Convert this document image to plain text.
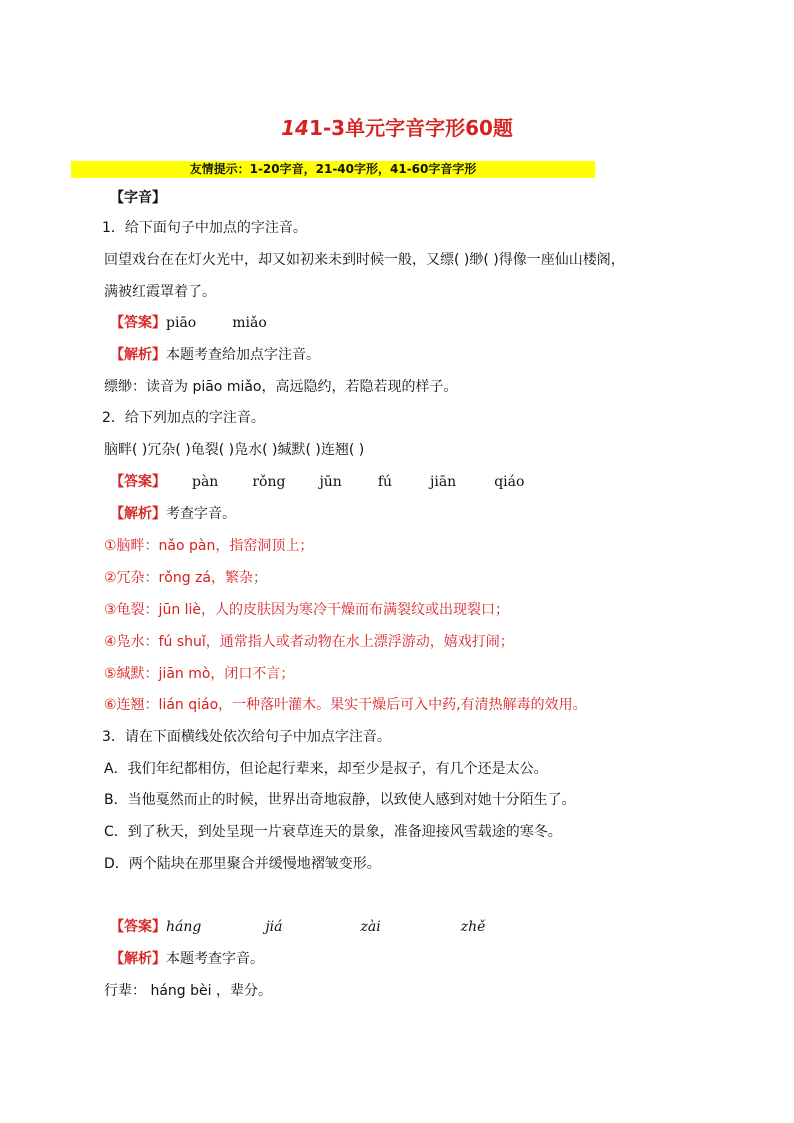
141-3单元字音字形60题
友情提示：1-20字音，21-40字形，41-60字音字形
【字音】
1．给下面句子中加点的字注音。
回望戏台在在灯火光中，却又如初来未到时候一般，又缥( )缈( )得像一座仙山楼阁，
满被红霞罩着了。
【答案】piāo	miǎo
【解析】本题考查给加点字注音。
缥缈：读音为 piāo miǎo，高远隐约，若隐若现的样子。
2．给下列加点的字注音。
脑畔( )冗杂( )龟裂( )凫水( )缄默( )连翘( )
【答案】 pàn rǒng jūn	fú	jiān	qiáo
【解析】考查字音。
①脑畔：nǎo pàn，指窑洞顶上；
②冗杂：rǒng zá，繁杂；
③龟裂：jūn liè，人的皮肤因为寒冷干燥而布满裂纹或出现裂口；
④凫水：fú shuǐ，通常指人或者动物在水上漂浮游动，嬉戏打闹；
⑤缄默：jiān mò，闭口不言；
⑥连翘：lián qiáo，一种落叶灌木。果实干燥后可入中药,有清热解毒的效用。
3．请在下面横线处依次给句子中加点字注音。
A．我们年纪都相仿，但论起行辈来，却至少是叔子，有几个还是太公。
B．当他戛然而止的时候，世界出奇地寂静，以致使人感到对她十分陌生了。
C．到了秋天，到处呈现一片衰草连天的景象，准备迎接风雪载途的寒冬。
D．两个陆块在那里聚合并缓慢地褶皱变形。
【答案】háng	jiá	zài	zhě
【解析】本题考查字音。
行辈： háng bèi ，辈分。
